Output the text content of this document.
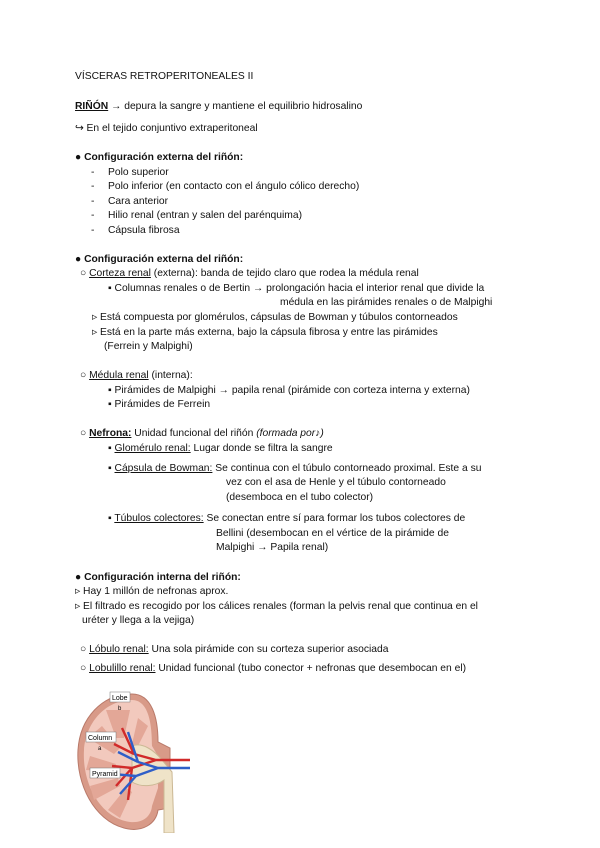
VÍSCERAS RETROPERITONEALES II
RIÑÓN → depura la sangre y mantiene el equilibrio hidrosalino
↪ En el tejido conjuntivo extraperitoneal
● Configuración externa del riñón:
- Polo superior
- Polo inferior (en contacto con el ángulo cólico derecho)
- Cara anterior
- Hilio renal (entran y salen del parénquima)
- Cápsula fibrosa
● Configuración externa del riñón:
○ Corteza renal (externa): banda de tejido claro que rodea la médula renal
▪ Columnas renales o de Bertin → prolongación hacia el interior renal que divide la
médula en las pirámides renales o de Malpighi
▹ Está compuesta por glomérulos, cápsulas de Bowman y túbulos contorneados
▹ Está en la parte más externa, bajo la cápsula fibrosa y entre las pirámides
(Ferrein y Malpighi)
○ Médula renal (interna):
▪ Pirámides de Malpighi → papila renal (pirámide con corteza interna y externa)
▪ Pirámides de Ferrein
○ Nefrona: Unidad funcional del riñón (formada por♪)
▪ Glomérulo renal: Lugar donde se filtra la sangre
▪ Cápsula de Bowman: Se continua con el túbulo contorneado proximal. Este a su
vez con el asa de Henle y el túbulo contorneado
(desemboca en el tubo colector)
▪ Túbulos colectores: Se conectan entre sí para formar los tubos colectores de
Bellini (desembocan en el vértice de la pirámide de
Malpighi → Papila renal)
● Configuración interna del riñón:
▹ Hay 1 millón de nefronas aprox.
▹ El filtrado es recogido por los cálices renales (forman la pelvis renal que continua en el
uréter y llega a la vejiga)
○ Lóbulo renal: Una sola pirámide con su corteza superior asociada
○ Lobulillo renal: Unidad funcional (tubo conector + nefronas que desembocan en el)
Lobe
b
Column
a
Pyramid
